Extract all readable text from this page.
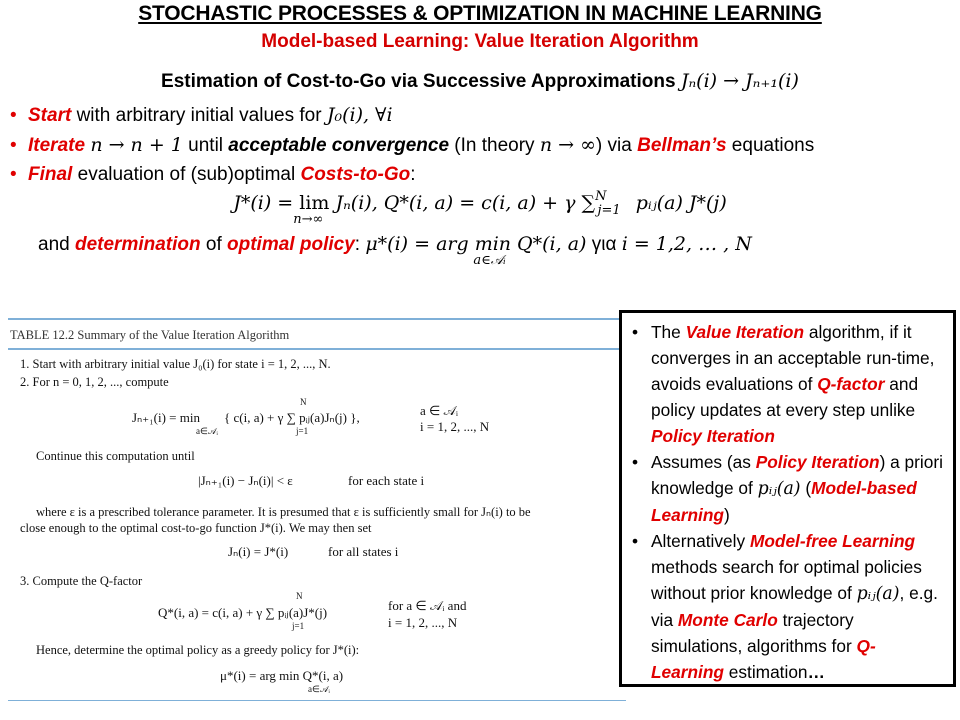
STOCHASTIC PROCESSES & OPTIMIZATION IN MACHINE LEARNING
Model-based Learning: Value Iteration Algorithm
Estimation of Cost-to-Go via Successive Approximations Jₙ(i) → Jₙ₊₁(i)
• Start with arbitrary initial values for J₀(i), ∀i
• Iterate n → n + 1 until acceptable convergence (In theory n → ∞) via Bellman’s equations
• Final evaluation of (sub)optimal Costs-to-Go:
J*(i) = lim
n→∞
Jₙ(i), Q*(i, a) = c(i, a) + γ ∑$^N_{j=1}$ pᵢⱼ(a) J*(j)
and determination of optimal policy: μ*(i) = arg min Q*(i, a)
a∈𝒜ᵢ
για i = 1,2, … , N
TABLE 12.2 Summary of the Value Iteration Algorithm
1. Start with arbitrary initial value J₀(i) for state i = 1, 2, ..., N.
2. For n = 0, 1, 2, ..., compute
Jₙ₊₁(i) = min
a∈𝒜ᵢ
{ c(i, a) + γ ∑ pᵢⱼ(a)Jₙ(j) },
N
j=1
a ∈ 𝒜ᵢ
i = 1, 2, ..., N
Continue this computation until
|Jₙ₊₁(i) − Jₙ(i)| < ε	for each state i
where ε is a prescribed tolerance parameter. It is presumed that ε is sufficiently small for Jₙ(i) to be
close enough to the optimal cost-to-go function J*(i). We may then set
Jₙ(i) = J*(i)	for all states i
3. Compute the Q-factor
Q*(i, a) = c(i, a) + γ ∑ pᵢⱼ(a)J*(j)
N
j=1
for a ∈ 𝒜ᵢ and
i = 1, 2, ..., N
Hence, determine the optimal policy as a greedy policy for J*(i):
μ*(i) = arg min Q*(i, a)
a∈𝒜ᵢ
• The Value Iteration algorithm, if it converges in an acceptable run-time, avoids evaluations of Q-factor and policy updates at every step unlike Policy Iteration
• Assumes (as Policy Iteration) a priori knowledge of pᵢⱼ(a) (Model-based Learning)
• Alternatively Model-free Learning methods search for optimal policies without prior knowledge of pᵢⱼ(a), e.g. via Monte Carlo trajectory simulations, algorithms for Q-Learning estimation…
